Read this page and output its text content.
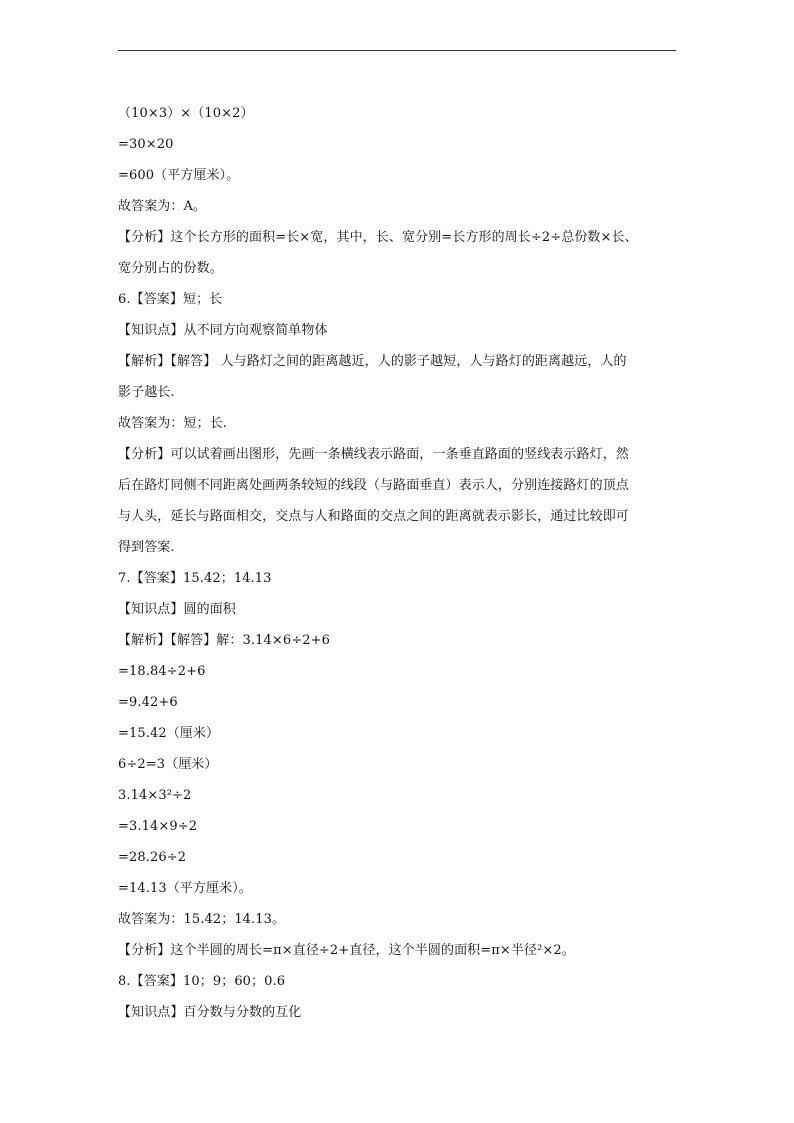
（10×3）×（10×2）
=30×20
=600（平方厘米）。
故答案为：A。
【分析】这个长方形的面积=长×宽，其中，长、宽分别=长方形的周长÷2÷总份数×长、
宽分别占的份数。
6.【答案】短；长
【知识点】从不同方向观察简单物体
【解析】【解答】 人与路灯之间的距离越近，人的影子越短，人与路灯的距离越远，人的
影子越长.
故答案为：短；长.
【分析】可以试着画出图形，先画一条横线表示路面，一条垂直路面的竖线表示路灯，然
后在路灯同侧不同距离处画两条较短的线段（与路面垂直）表示人，分别连接路灯的顶点
与人头，延长与路面相交，交点与人和路面的交点之间的距离就表示影长，通过比较即可
得到答案.
7.【答案】15.42；14.13
【知识点】圆的面积
【解析】【解答】解：3.14×6÷2+6
=18.84÷2+6
=9.42+6
=15.42（厘米）
6÷2=3（厘米）
3.14×3²÷2
=3.14×9÷2
=28.26÷2
=14.13（平方厘米）。
故答案为：15.42；14.13。
【分析】这个半圆的周长=π×直径÷2+直径，这个半圆的面积=π×半径²×2。
8.【答案】10；9；60；0.6
【知识点】百分数与分数的互化
